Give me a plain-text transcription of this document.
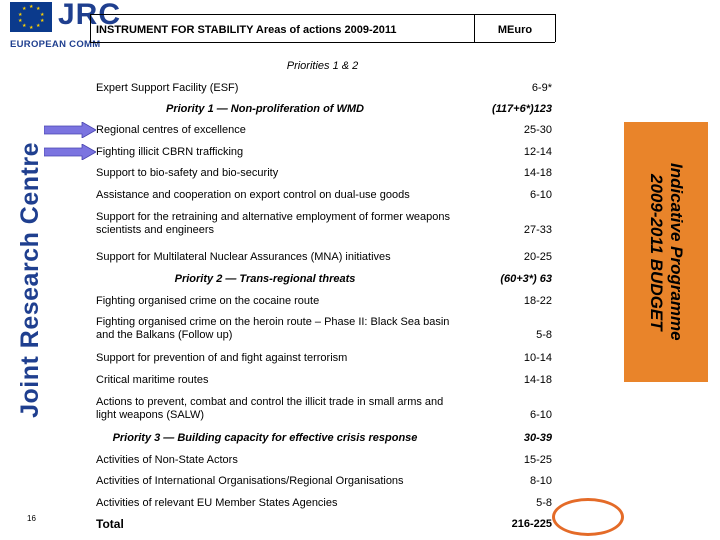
★ ★
★
★
★
★
★
★
★
★ JRC
EUROPEAN COMM
Joint Research Centre	Indicative Programme
2009-2011 BUDGET
INSTRUMENT FOR STABILITY Areas of actions 2009-2011	MEuro
Priorities 1 & 2
Expert Support Facility (ESF)	6-9*
Priority 1 — Non-proliferation of WMD	(117+6*)123
Regional centres of excellence	25-30
Fighting illicit CBRN trafficking	12-14
Support to bio-safety and bio-security	14-18
Assistance and cooperation on export control on dual-use goods	6-10
Support for the retraining and alternative employment of former weapons scientists and engineers	27-33
Support for Multilateral Nuclear Assurances (MNA) initiatives	20-25
Priority 2 — Trans-regional threats	(60+3*) 63
Fighting organised crime on the cocaine route	18-22
Fighting organised crime on the heroin route – Phase II: Black Sea basin and the Balkans (Follow up)	5-8
Support for prevention of and fight against terrorism	10-14
Critical maritime routes	14-18
Actions to prevent, combat and control the illicit trade in small arms and light weapons (SALW)	6-10
Priority 3 — Building capacity for effective crisis response	30-39
Activities of Non-State Actors	15-25
Activities of International Organisations/Regional Organisations	8-10
Activities of relevant EU Member States Agencies	5-8
Total	216-225
16
